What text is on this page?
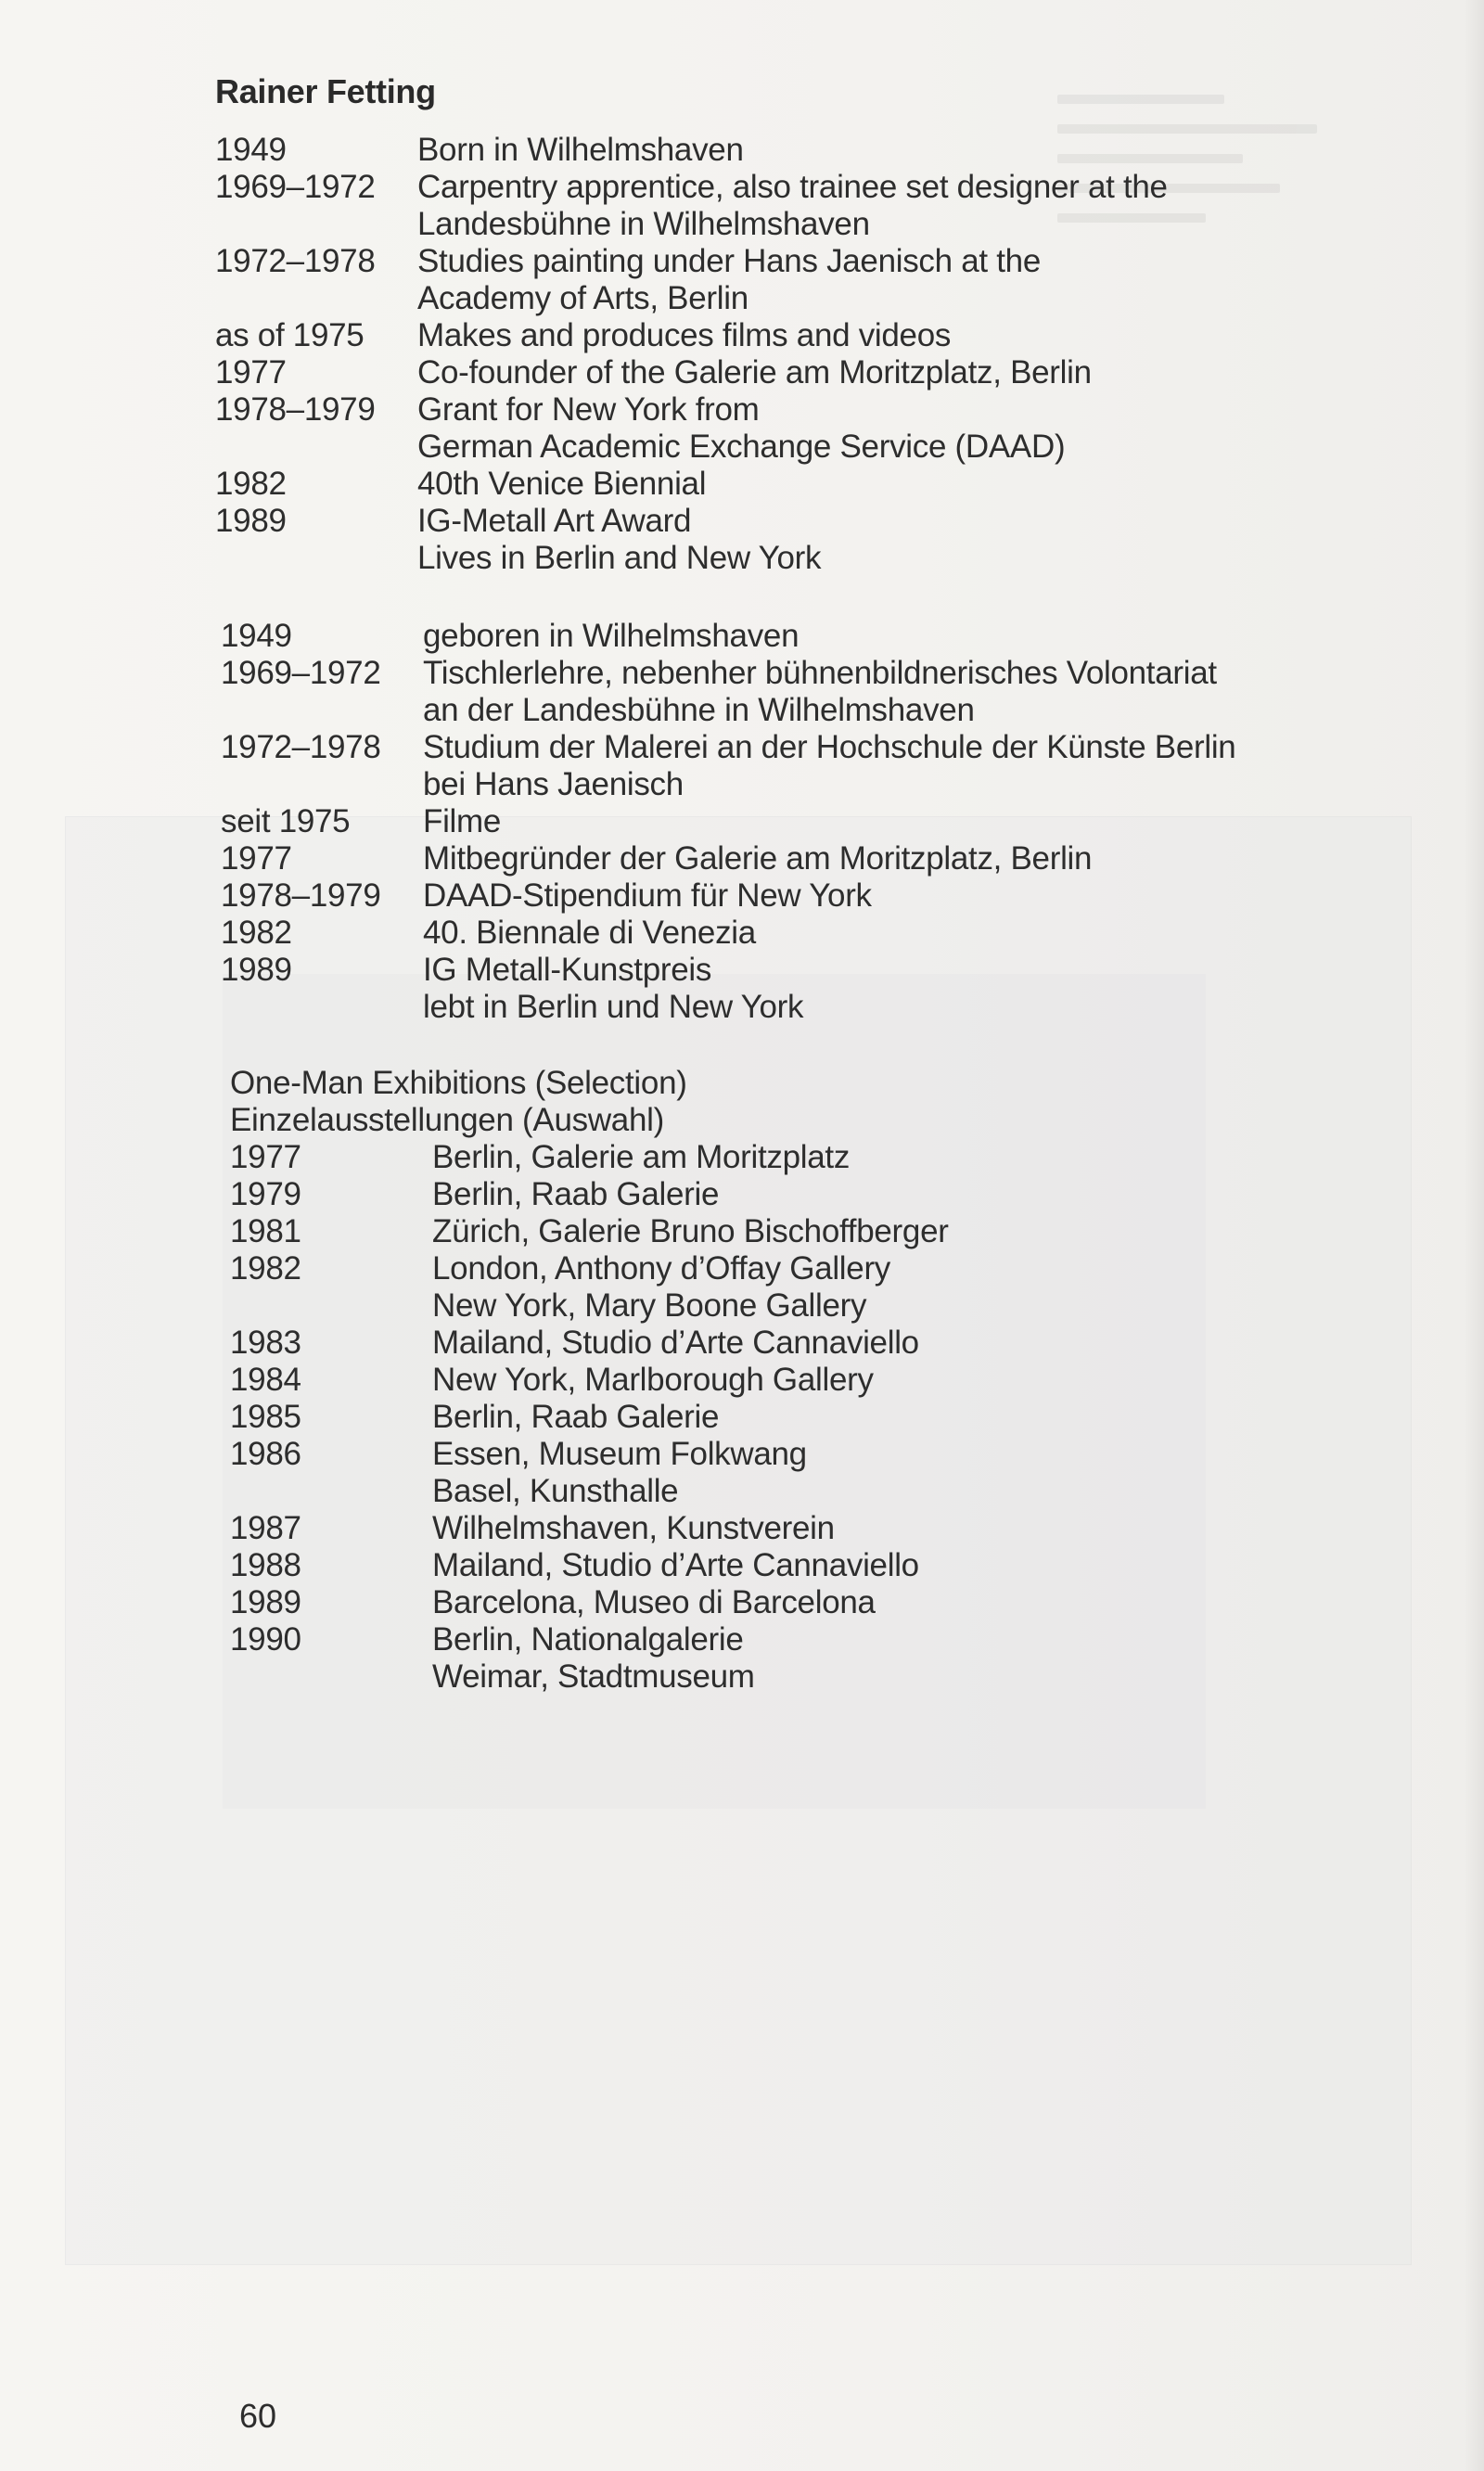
Rainer Fetting
1949	Born in Wilhelmshaven
1969–1972	Carpentry apprentice, also trainee set designer at the
Landesbühne in Wilhelmshaven
1972–1978	Studies painting under Hans Jaenisch at the
Academy of Arts, Berlin
as of 1975	Makes and produces films and videos
1977	Co-founder of the Galerie am Moritzplatz, Berlin
1978–1979	Grant for New York from
German Academic Exchange Service (DAAD)
1982	40th Venice Biennial
1989	IG-Metall Art Award
Lives in Berlin and New York
1949	geboren in Wilhelmshaven
1969–1972	Tischlerlehre, nebenher bühnenbildnerisches Volontariat
an der Landesbühne in Wilhelmshaven
1972–1978	Studium der Malerei an der Hochschule der Künste Berlin
bei Hans Jaenisch
seit 1975	Filme
1977	Mitbegründer der Galerie am Moritzplatz, Berlin
1978–1979	DAAD-Stipendium für New York
1982	40. Biennale di Venezia
1989	IG Metall-Kunstpreis
lebt in Berlin und New York
One-Man Exhibitions (Selection)
Einzelausstellungen (Auswahl)
1977	Berlin, Galerie am Moritzplatz
1979	Berlin, Raab Galerie
1981	Zürich, Galerie Bruno Bischoffberger
1982	London, Anthony d’Offay Gallery
New York, Mary Boone Gallery
1983	Mailand, Studio d’Arte Cannaviello
1984	New York, Marlborough Gallery
1985	Berlin, Raab Galerie
1986	Essen, Museum Folkwang
Basel, Kunsthalle
1987	Wilhelmshaven, Kunstverein
1988	Mailand, Studio d’Arte Cannaviello
1989	Barcelona, Museo di Barcelona
1990	Berlin, Nationalgalerie
Weimar, Stadtmuseum
60
